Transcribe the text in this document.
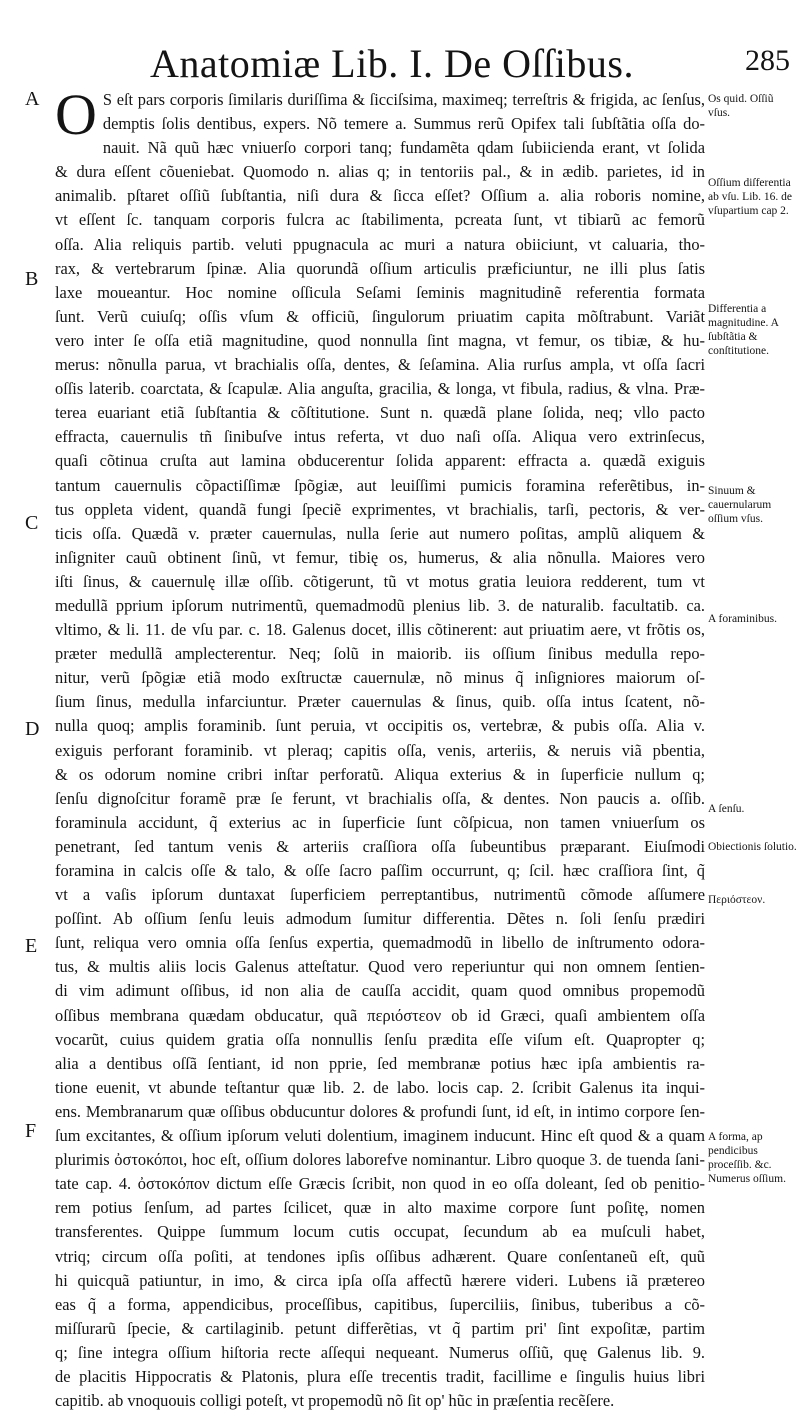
Anatomiæ Lib. I. De Oſſibus.	285
A
B
C
D
E
F
Os quid. Oſſiũ vſus.
Oſſium diſferentia ab vſu. Lib. 16. de vſupartium cap 2.
Differentia a magnitudine. A ſubſtãtia & conſtitutione.
Sinuum & cauernularum oſſium vſus.
A foraminibus.
A ſenſu.
Obiectionis ſolutio.
Περιόστεον.
A forma, ap pendicibus proceſſib. &c. Numerus oſſium.
O S eſt pars corporis ſimilaris duriſſima & ſicciſsima, maximeq; terreſtris & frigida, ac ſenſus,
demptis ſolis dentibus, expers. Nõ temere a. Summus rerũ Opifex tali ſubſtãtia oſſa do-
nauit. Nã quũ hæc vniuerſo corpori tanq; fundamẽta qdam ſubiicienda erant, vt ſolida
& dura eſſent cõueniebat. Quomodo n. alias q; in tentoriis pal., & in ædib. parietes, id in
animalib. pſtaret oſſiũ ſubſtantia, niſi dura & ſicca eſſet? Oſſium a. alia roboris nomine,
vt eſſent ſc. tanquam corporis fulcra ac ſtabilimenta, pcreata ſunt, vt tibiarũ ac femorũ
oſſa. Alia reliquis partib. veluti ppugnacula ac muri a natura obiiciunt, vt caluaria, tho-
rax, & vertebrarum ſpinæ. Alia quorundã oſſium articulis præficiuntur, ne illi plus ſatis
laxe moueantur. Hoc nomine oſſicula Seſami ſeminis magnitudinẽ referentia formata
ſunt. Verũ cuiuſq; oſſis vſum & officiũ, ſingulorum priuatim capita mõſtrabunt. Variãt
vero inter ſe oſſa etiã magnitudine, quod nonnulla ſint magna, vt femur, os tibiæ, & hu-
merus: nõnulla parua, vt brachialis oſſa, dentes, & ſeſamina. Alia rurſus ampla, vt oſſa ſacri
oſſis laterib. coarctata, & ſcapulæ. Alia anguſta, gracilia, & longa, vt fibula, radius, & vlna. Præ-
terea euariant etiã ſubſtantia & cõſtitutione. Sunt n. quædã plane ſolida, neq; vllo pacto
effracta, cauernulis tñ ſinibuſve intus referta, vt duo naſi oſſa. Aliqua vero extrinſecus,
quaſi cõtinua cruſta aut lamina obducerentur ſolida apparent: effracta a. quædã exiguis
tantum cauernulis cõpactiſſimæ ſpõgiæ, aut leuiſſimi pumicis foramina referẽtibus, in-
tus oppleta vident, quandã fungi ſpeciẽ exprimentes, vt brachialis, tarſi, pectoris, & ver-
ticis oſſa. Quædã v. præter cauernulas, nulla ſerie aut numero poſitas, amplũ aliquem &
inſigniter cauũ obtinent ſinũ, vt femur, tibię os, humerus, & alia nõnulla. Maiores vero
iſti ſinus, & cauernulę illæ oſſib. cõtigerunt, tũ vt motus gratia leuiora redderent, tum vt
medullã pprium ipſorum nutrimentũ, quemadmodũ plenius lib. 3. de naturalib. facultatib. ca.
vltimo, & li. 11. de vſu par. c. 18. Galenus docet, illis cõtinerent: aut priuatim aere, vt frõtis os,
præter medullã amplecterentur. Neq; ſolũ in maiorib. iis oſſium ſinibus medulla repo-
nitur, verũ ſpõgiæ etiã modo exſtructæ cauernulæ, nõ minus q̃ inſigniores maiorum oſ-
ſium ſinus, medulla infarciuntur. Præter cauernulas & ſinus, quib. oſſa intus ſcatent, nõ-
nulla quoq; amplis foraminib. ſunt peruia, vt occipitis os, vertebræ, & pubis oſſa. Alia v.
exiguis perforant foraminib. vt pleraq; capitis oſſa, venis, arteriis, & neruis viã pbentia,
& os odorum nomine cribri inſtar perforatũ. Aliqua exterius & in ſuperficie nullum q;
ſenſu dignoſcitur foramẽ præ ſe ferunt, vt brachialis oſſa, & dentes. Non paucis a. oſſib.
foraminula accidunt, q̃ exterius ac in ſuperficie ſunt cõſpicua, non tamen vniuerſum os
penetrant, ſed tantum venis & arteriis craſſiora oſſa ſubeuntibus præparant. Eiuſmodi
foramina in calcis oſſe & talo, & oſſe ſacro paſſim occurrunt, q; ſcil. hæc craſſiora ſint, q̃
vt a vaſis ipſorum duntaxat ſuperficiem perreptantibus, nutrimentũ cõmode aſſumere
poſſint. Ab oſſium ſenſu leuis admodum ſumitur differentia. Dẽtes n. ſoli ſenſu prædiri
ſunt, reliqua vero omnia oſſa ſenſus expertia, quemadmodũ in libello de inſtrumento odora-
tus, & multis aliis locis Galenus atteſtatur. Quod vero reperiuntur qui non omnem ſentien-
di vim adimunt oſſibus, id non alia de cauſſa accidit, quam quod omnibus propemodũ
oſſibus membrana quædam obducatur, quã περιόστεον ob id Græci, quaſi ambientem oſſa
vocarũt, cuius quidem gratia oſſa nonnullis ſenſu prædita eſſe viſum eſt. Quapropter q;
alia a dentibus oſſã ſentiant, id non pprie, ſed membranæ potius hæc ipſa ambientis ra-
tione euenit, vt abunde teſtantur quæ lib. 2. de labo. locis cap. 2. ſcribit Galenus ita inqui-
ens. Membranarum quæ oſſibus obducuntur dolores & profundi ſunt, id eſt, in intimo corpore ſen-
ſum excitantes, & oſſium ipſorum veluti dolentium, imaginem inducunt. Hinc eſt quod & a quam
plurimis ὀστοκόποι, hoc eſt, oſſium dolores laborefve nominantur. Libro quoque 3. de tuenda ſani-
tate cap. 4. ὀστοκόπον dictum eſſe Græcis ſcribit, non quod in eo oſſa doleant, ſed ob penitio-
rem potius ſenſum, ad partes ſcilicet, quæ in alto maxime corpore ſunt poſitę, nomen
transferentes. Quippe ſummum locum cutis occupat, ſecundum ab ea muſculi habet,
vtriq; circum oſſa poſiti, at tendones ipſis oſſibus adhærent. Quare conſentaneũ eſt, quũ
hi quicquã patiuntur, in imo, & circa ipſa oſſa affectũ hærere videri. Lubens iã prætereo
eas q̃ a forma, appendicibus, proceſſibus, capitibus, ſuperciliis, ſinibus, tuberibus a cõ-
miſſurarũ ſpecie, & cartilaginib. petunt differẽtias, vt q̃ partim pri' ſint expoſitæ, partim
q; ſine integra oſſium hiſtoria recte aſſequi nequeant. Numerus oſſiũ, quę Galenus lib. 9.
de placitis Hippocratis & Platonis, plura eſſe trecentis tradit, facillime e ſingulis huius libri
capitib. ab vnoquouis colligi poteſt, vt propemodũ nõ ſit op' hũc in præſentia recẽſere.
